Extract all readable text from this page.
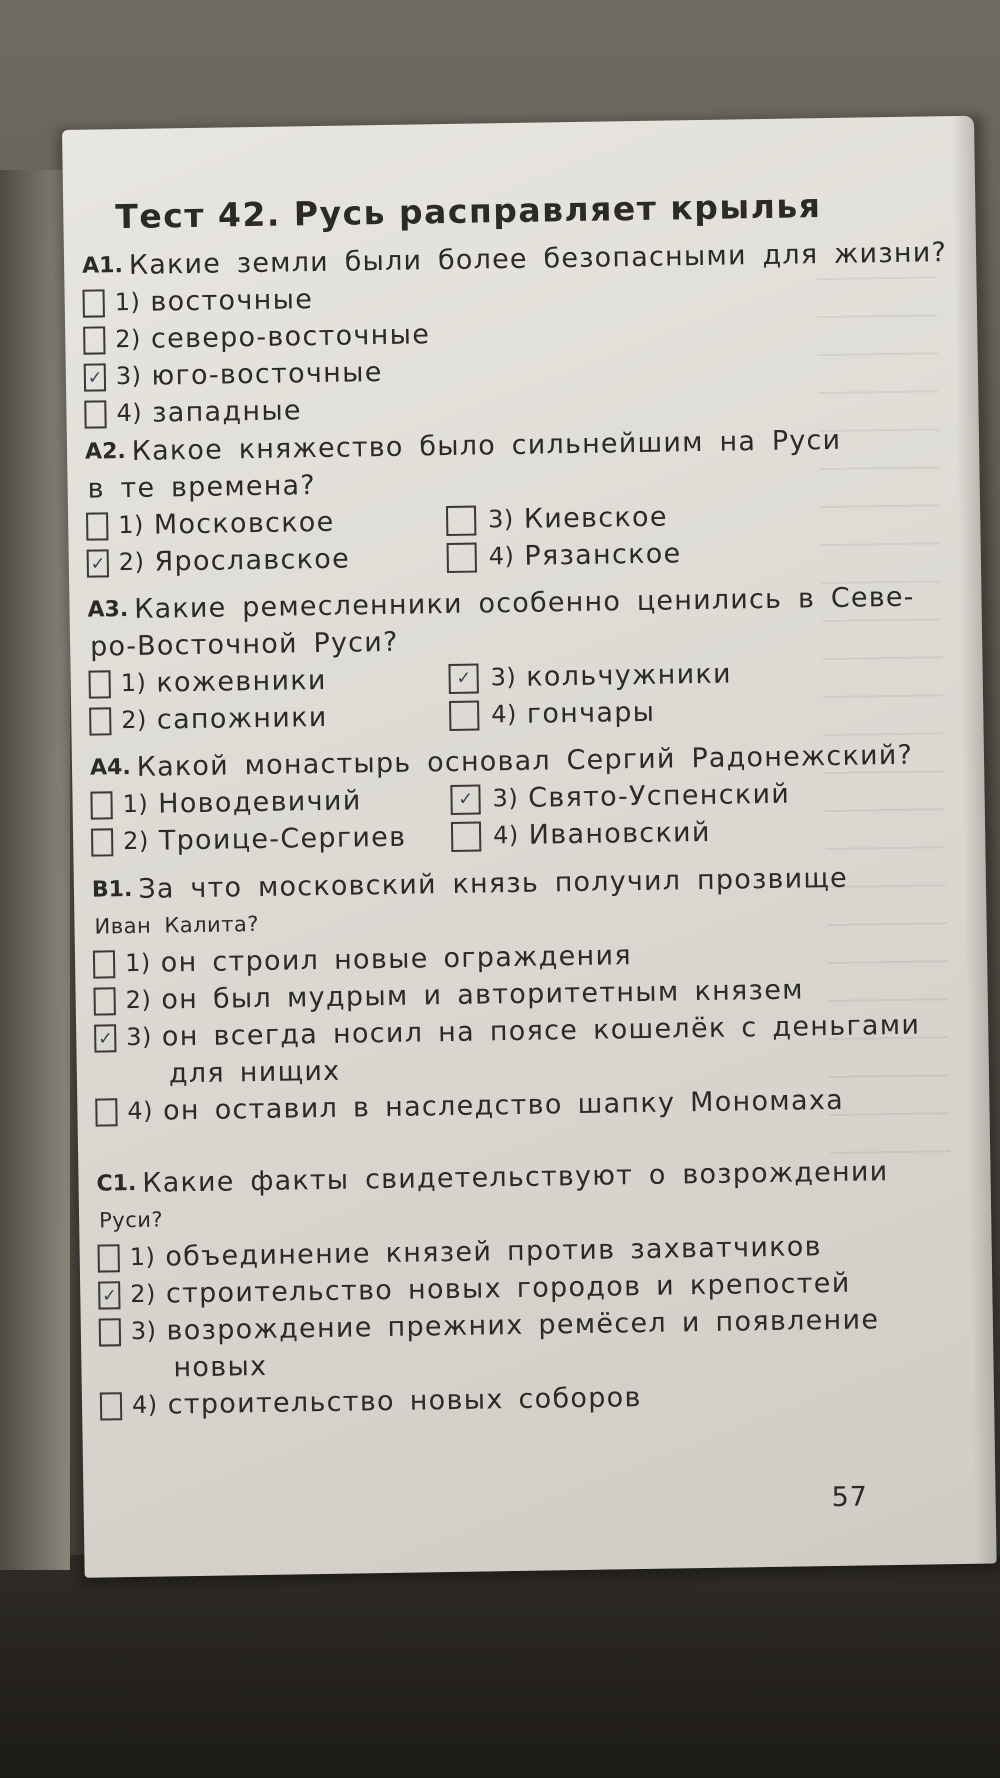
Тест 42. Русь расправляет крылья
A1. Какие земли были более безопасными для жизни?
1) восточные
2) северо-восточные
✓ 3) юго-восточные
4) западные
А2. Какое княжество было сильнейшим на Руси
в те времена?
1) Московское	3) Киевское
✓ 2) Ярославское	4) Рязанское
А3. Какие ремесленники особенно ценились в Севе-
ро-Восточной Руси?
1) кожевники	✓ 3) кольчужники
2) сапожники	4) гончары
А4. Какой монастырь основал Сергий Радонежский?
1) Новодевичий	✓ 3) Свято-Успенский
2) Троице-Сергиев	4) Ивановский
В1. За что московский князь получил прозвище
Иван Калита?
1) он строил новые ограждения
2) он был мудрым и авторитетным князем
✓ 3) он всегда носил на поясе кошелёк с деньгами
для нищих
4) он оставил в наследство шапку Мономаха
С1. Какие факты свидетельствуют о возрождении
Руси?
1) объединение князей против захватчиков
✓ 2) строительство новых городов и крепостей
3) возрождение прежних ремёсел и появление
новых
4) строительство новых соборов
57
